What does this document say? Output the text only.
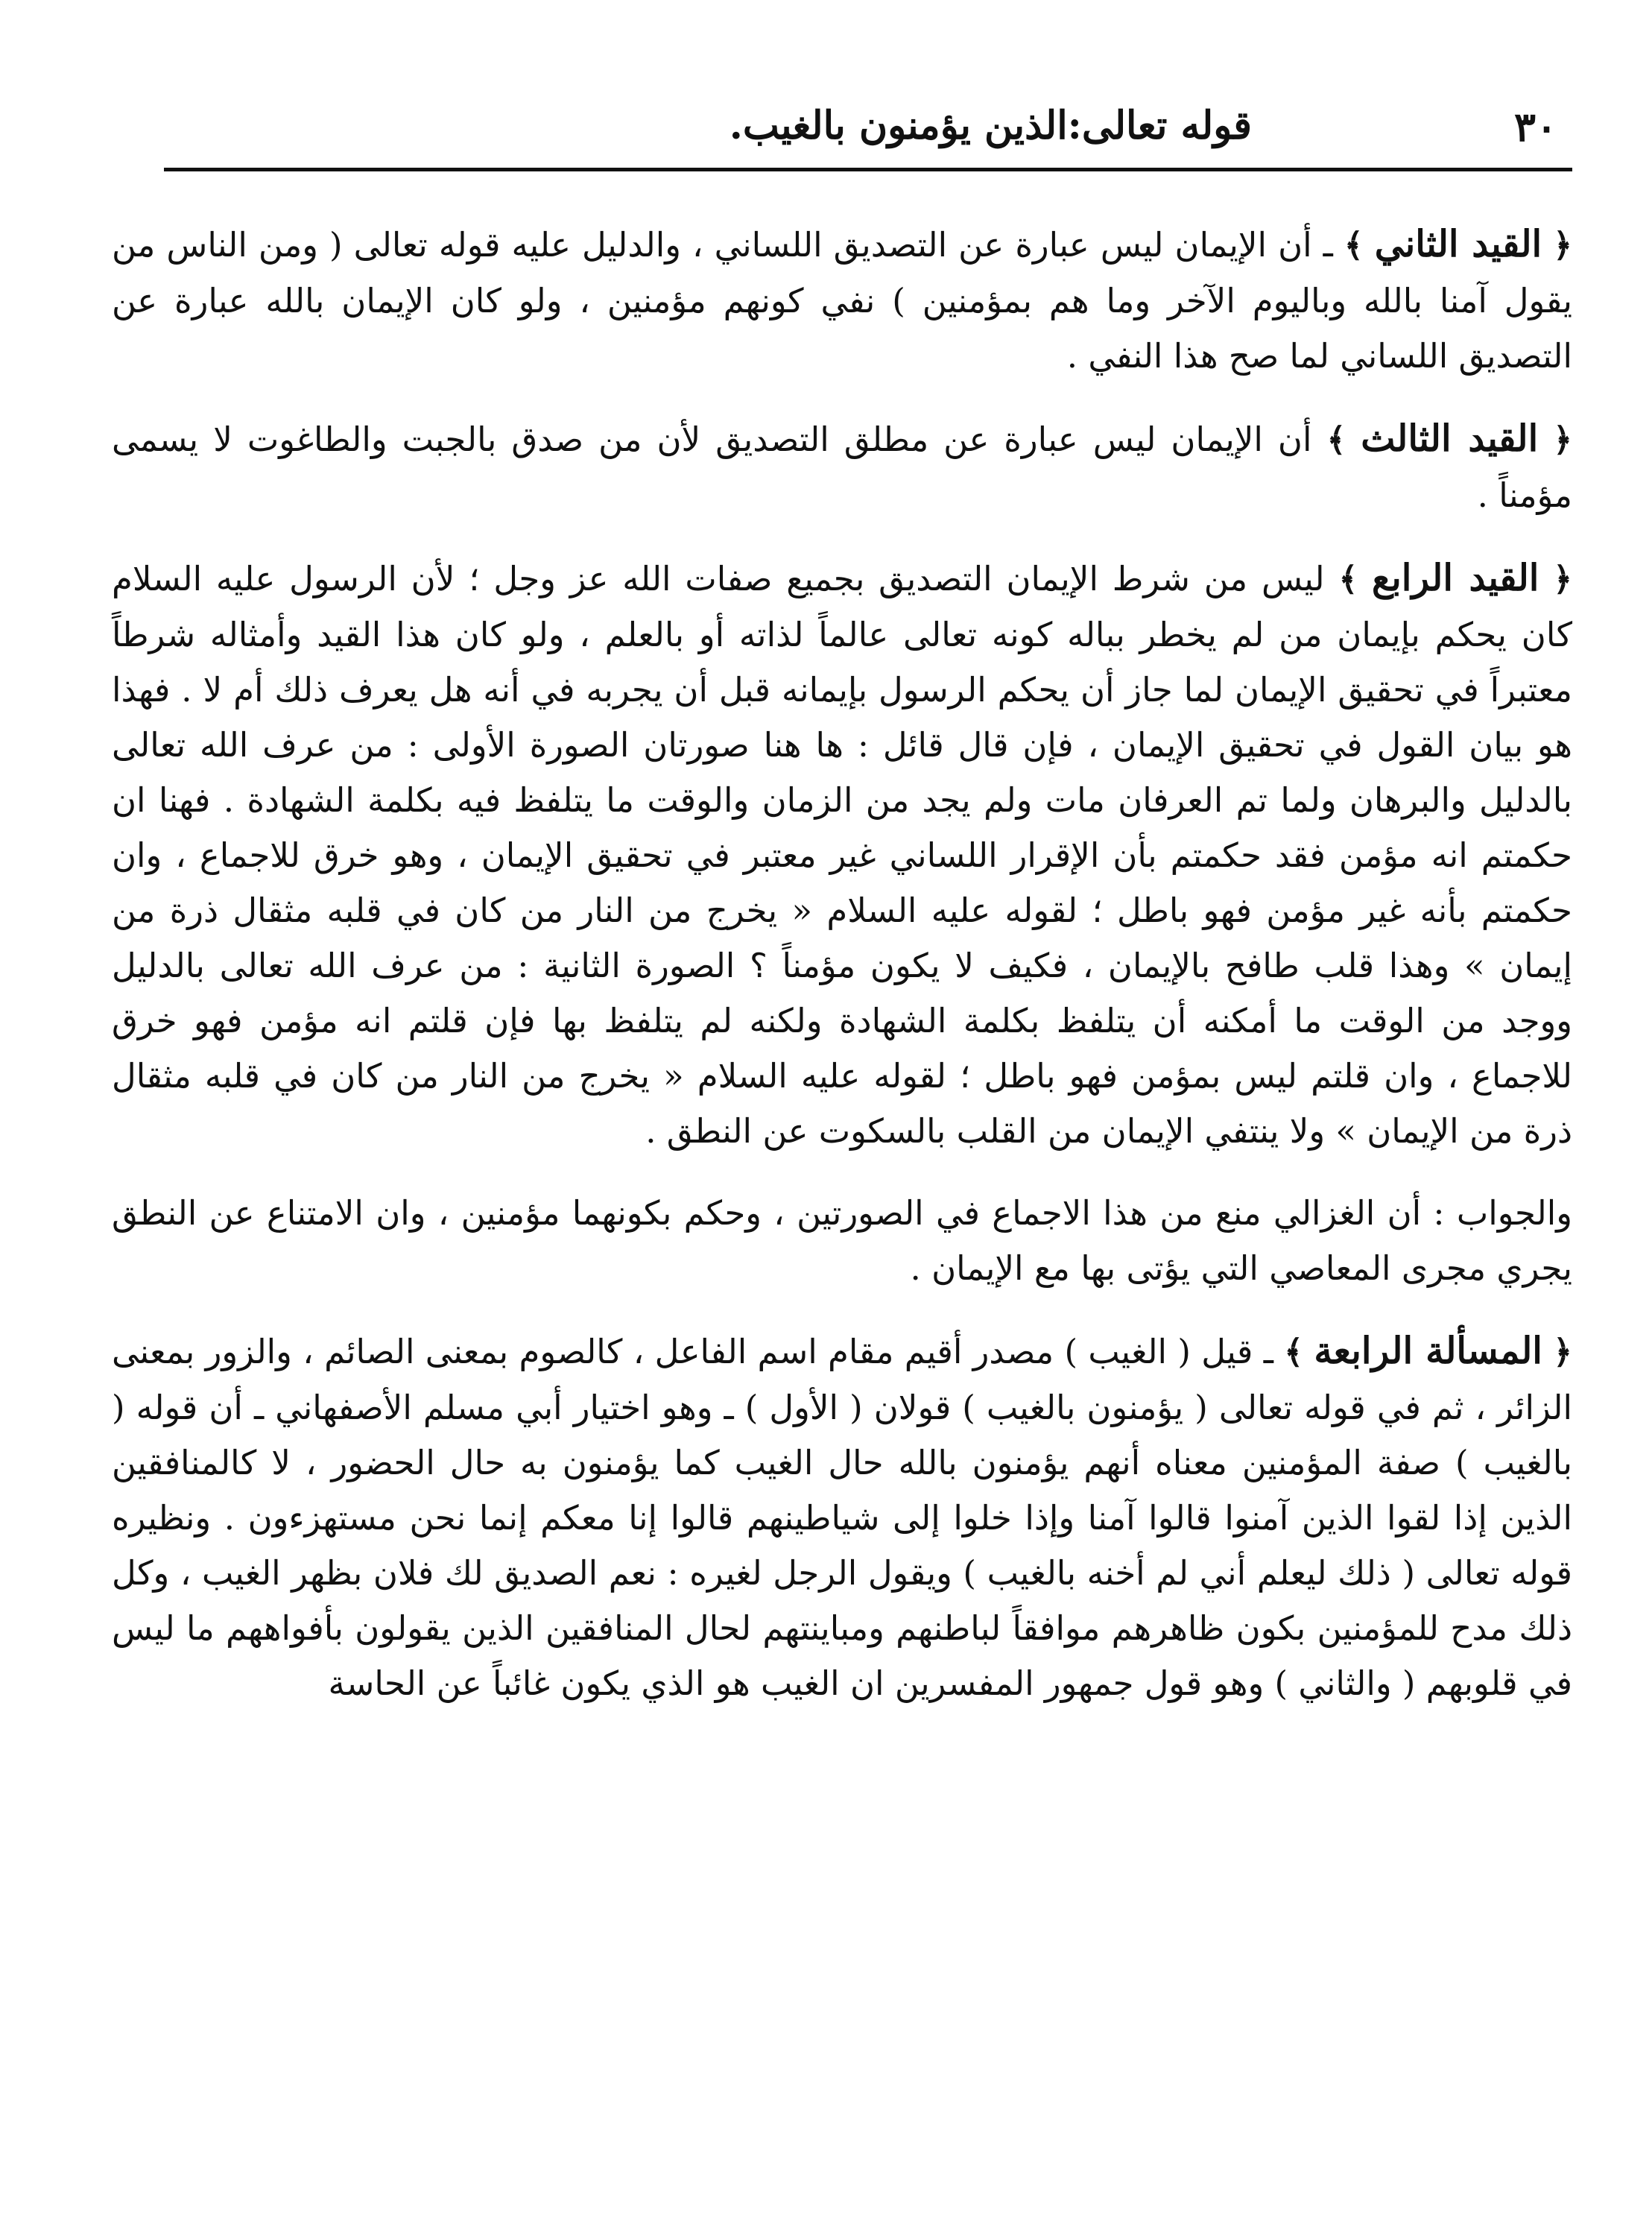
٣٠
قوله تعالى:الذين يؤمنون بالغيب.
﴿ القيد الثاني ﴾ ـ أن الإيمان ليس عبارة عن التصديق اللساني ، والدليل عليه قوله تعالى ( ومن الناس من يقول آمنا بالله وباليوم الآخر وما هم بمؤمنين ) نفي كونهم مؤمنين ، ولو كان الإيمان بالله عبارة عن التصديق اللساني لما صح هذا النفي .
﴿ القيد الثالث ﴾ أن الإيمان ليس عبارة عن مطلق التصديق لأن من صدق بالجبت والطاغوت لا يسمى مؤمناً .
﴿ القيد الرابع ﴾ ليس من شرط الإيمان التصديق بجميع صفات الله عز وجل ؛ لأن الرسول عليه السلام كان يحكم بإيمان من لم يخطر بباله كونه تعالى عالماً لذاته أو بالعلم ، ولو كان هذا القيد وأمثاله شرطاً معتبراً في تحقيق الإيمان لما جاز أن يحكم الرسول بإيمانه قبل أن يجربه في أنه هل يعرف ذلك أم لا . فهذا هو بيان القول في تحقيق الإيمان ، فإن قال قائل : ها هنا صورتان الصورة الأولى : من عرف الله تعالى بالدليل والبرهان ولما تم العرفان مات ولم يجد من الزمان والوقت ما يتلفظ فيه بكلمة الشهادة . فهنا ان حكمتم انه مؤمن فقد حكمتم بأن الإقرار اللساني غير معتبر في تحقيق الإيمان ، وهو خرق للاجماع ، وان حكمتم بأنه غير مؤمن فهو باطل ؛ لقوله عليه السلام « يخرج من النار من كان في قلبه مثقال ذرة من إيمان » وهذا قلب طافح بالإيمان ، فكيف لا يكون مؤمناً ؟ الصورة الثانية : من عرف الله تعالى بالدليل ووجد من الوقت ما أمكنه أن يتلفظ بكلمة الشهادة ولكنه لم يتلفظ بها فإن قلتم انه مؤمن فهو خرق للاجماع ، وان قلتم ليس بمؤمن فهو باطل ؛ لقوله عليه السلام « يخرج من النار من كان في قلبه مثقال ذرة من الإيمان » ولا ينتفي الإيمان من القلب بالسكوت عن النطق .
والجواب : أن الغزالي منع من هذا الاجماع في الصورتين ، وحكم بكونهما مؤمنين ، وان الامتناع عن النطق يجري مجرى المعاصي التي يؤتى بها مع الإيمان .
﴿ المسألة الرابعة ﴾ ـ قيل ( الغيب ) مصدر أقيم مقام اسم الفاعل ، كالصوم بمعنى الصائم ، والزور بمعنى الزائر ، ثم في قوله تعالى ( يؤمنون بالغيب ) قولان ( الأول ) ـ وهو اختيار أبي مسلم الأصفهاني ـ أن قوله ( بالغيب ) صفة المؤمنين معناه أنهم يؤمنون بالله حال الغيب كما يؤمنون به حال الحضور ، لا كالمنافقين الذين إذا لقوا الذين آمنوا قالوا آمنا وإذا خلوا إلى شياطينهم قالوا إنا معكم إنما نحن مستهزءون . ونظيره قوله تعالى ( ذلك ليعلم أني لم أخنه بالغيب ) ويقول الرجل لغيره : نعم الصديق لك فلان بظهر الغيب ، وكل ذلك مدح للمؤمنين بكون ظاهرهم موافقاً لباطنهم ومباينتهم لحال المنافقين الذين يقولون بأفواههم ما ليس في قلوبهم ( والثاني ) وهو قول جمهور المفسرين ان الغيب هو الذي يكون غائباً عن الحاسة
